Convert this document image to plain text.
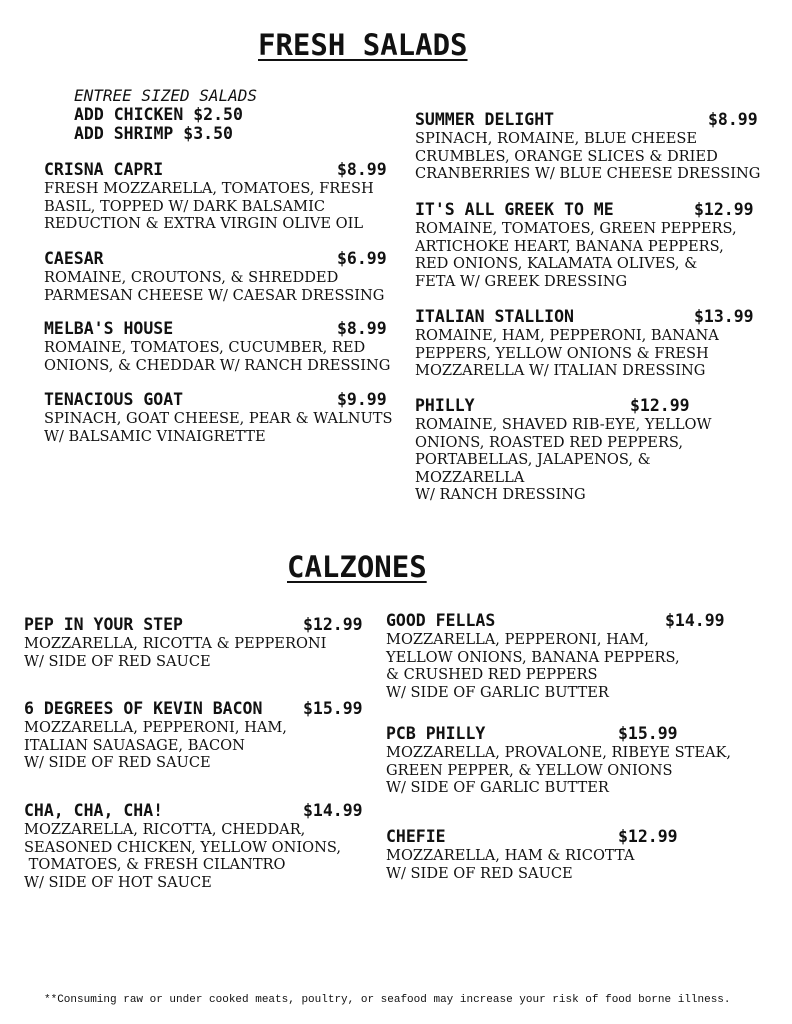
FRESH SALADS
ENTREE SIZED SALADS
ADD CHICKEN $2.50
ADD SHRIMP $3.50
CRISNA CAPRI	$8.99
FRESH MOZZARELLA, TOMATOES, FRESH
BASIL, TOPPED W/ DARK BALSAMIC
REDUCTION & EXTRA VIRGIN OLIVE OIL
CAESAR	$6.99
ROMAINE, CROUTONS, & SHREDDED
PARMESAN CHEESE W/ CAESAR DRESSING
MELBA'S HOUSE	$8.99
ROMAINE, TOMATOES, CUCUMBER, RED
ONIONS, & CHEDDAR W/ RANCH DRESSING
TENACIOUS GOAT	$9.99
SPINACH, GOAT CHEESE, PEAR & WALNUTS
W/ BALSAMIC VINAIGRETTE
SUMMER DELIGHT	$8.99
SPINACH, ROMAINE, BLUE CHEESE
CRUMBLES, ORANGE SLICES & DRIED
CRANBERRIES W/ BLUE CHEESE DRESSING
IT'S ALL GREEK TO ME	$12.99
ROMAINE, TOMATOES, GREEN PEPPERS,
ARTICHOKE HEART, BANANA PEPPERS,
RED ONIONS, KALAMATA OLIVES, &
FETA W/ GREEK DRESSING
ITALIAN STALLION	$13.99
ROMAINE, HAM, PEPPERONI, BANANA
PEPPERS, YELLOW ONIONS & FRESH
MOZZARELLA W/ ITALIAN DRESSING
PHILLY	$12.99
ROMAINE, SHAVED RIB-EYE, YELLOW
ONIONS, ROASTED RED PEPPERS,
PORTABELLAS, JALAPENOS, &
MOZZARELLA
W/ RANCH DRESSING
CALZONES
PEP IN YOUR STEP	$12.99
MOZZARELLA, RICOTTA & PEPPERONI
W/ SIDE OF RED SAUCE
6 DEGREES OF KEVIN BACON $15.99
MOZZARELLA, PEPPERONI, HAM,
ITALIAN SAUASAGE, BACON
W/ SIDE OF RED SAUCE
CHA, CHA, CHA!	$14.99
MOZZARELLA, RICOTTA, CHEDDAR,
SEASONED CHICKEN, YELLOW ONIONS,
TOMATOES, & FRESH CILANTRO
W/ SIDE OF HOT SAUCE
GOOD FELLAS	$14.99
MOZZARELLA, PEPPERONI, HAM,
YELLOW ONIONS, BANANA PEPPERS,
& CRUSHED RED PEPPERS
W/ SIDE OF GARLIC BUTTER
PCB PHILLY	$15.99
MOZZARELLA, PROVALONE, RIBEYE STEAK,
GREEN PEPPER, & YELLOW ONIONS
W/ SIDE OF GARLIC BUTTER
CHEFIE	$12.99
MOZZARELLA, HAM & RICOTTA
W/ SIDE OF RED SAUCE
**Consuming raw or under cooked meats, poultry, or seafood may increase your risk of food borne illness.
